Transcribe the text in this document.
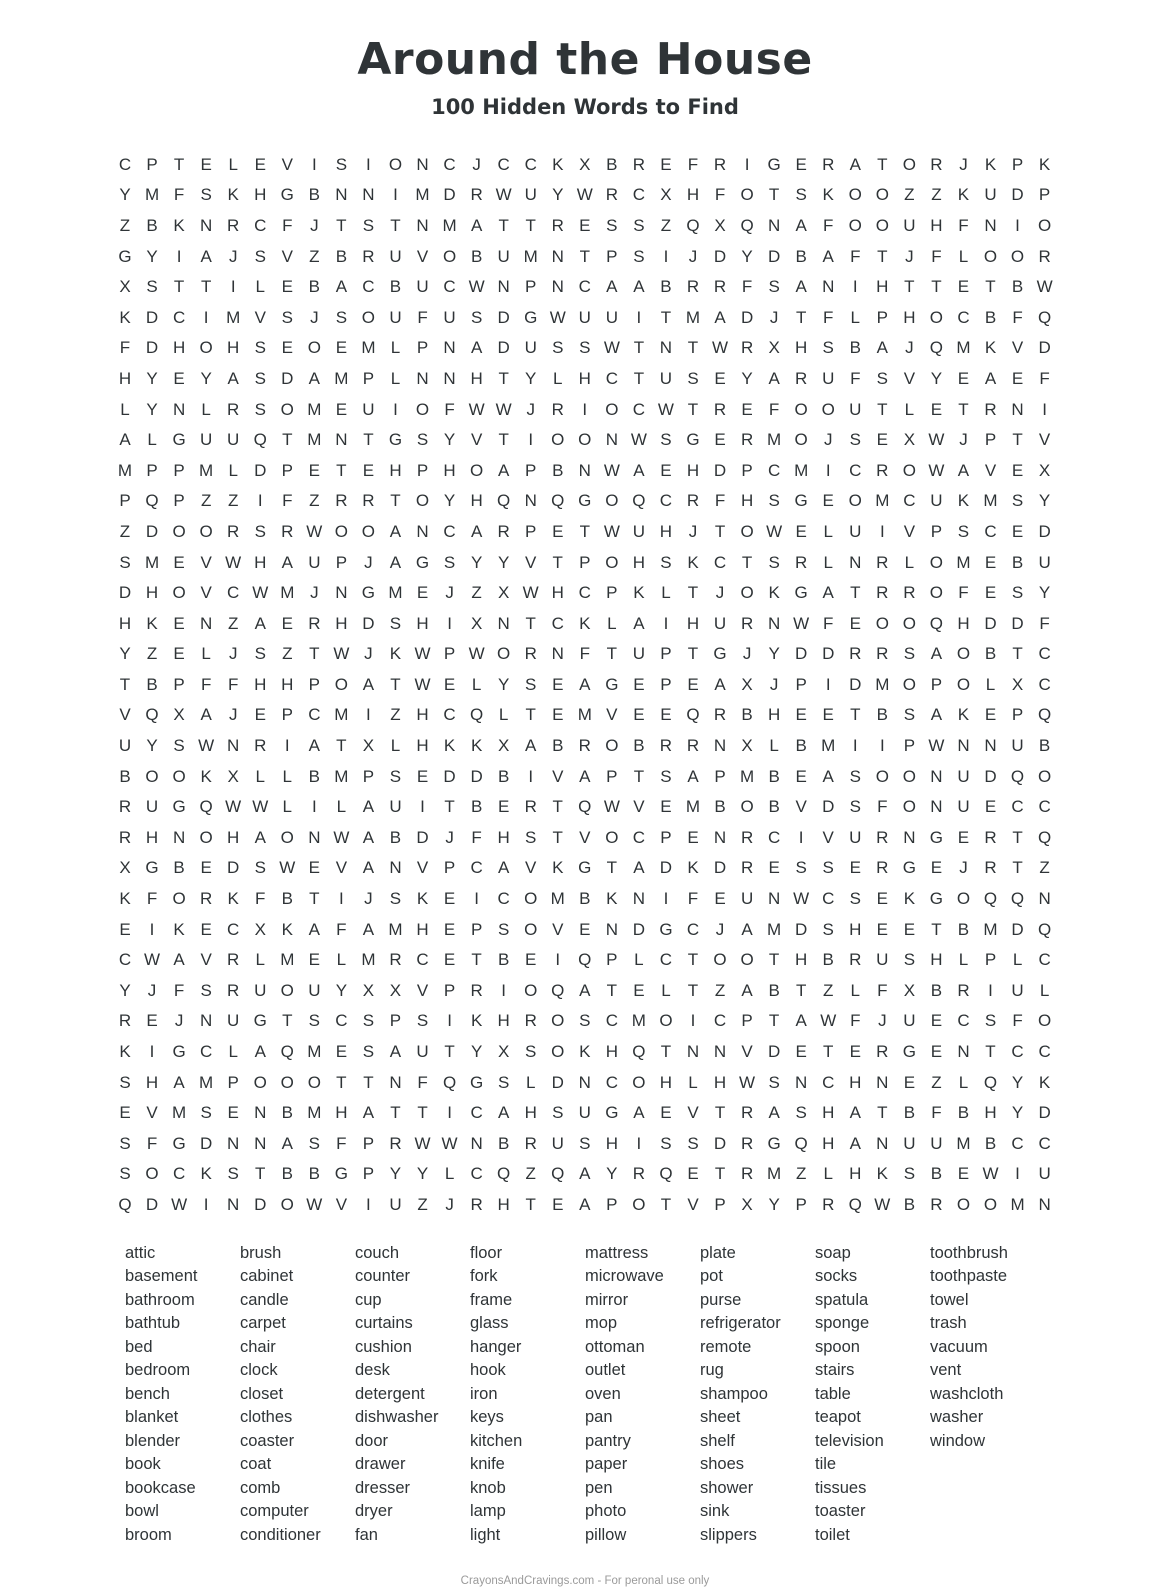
Around the House
100 Hidden Words to Find
C P T E L E V	I	S	I	O N C J C C K X B R E F R	I	G E R A T O R J	K P K
Y M F S K H G B N N	I	M D R W U Y W R C X H F O T S K O O Z Z K U D P
Z B K N R C F	J	T S T N M A T T R E S S Z Q X Q N A F O O U H F N	I	O
G Y	I	A	J	S V Z B R U V O B U M N T P S	I	J D Y D B A F T	J	F	L O O R
X S T T	I	L E B A C B U C W N P N C A A B R R F S A N	I	H T T E T B W
K D C	I	M V S	J	S O U F U S D G W U U	I	T M A D J	T F	L P H O C B F Q
F D H O H S E O E M L P N A D U S S W T N T W R X H S B A	J Q M K V D
H Y E Y A S D A M P L N N H T Y L H C T U S E Y A R U F S V Y E A E F
L Y N L R S O M E U	I	O F W W J R	I	O C W T R E F O O U T	L E T R N	I
A L G U U Q T M N T G S Y V T	I	O O N W S G E R M O J	S E X W J	P T V
M P P M L D P E T E H P H O A P B N W A E H D P C M	I	C R O W A V E X
P Q P Z Z	I	F Z R R T O Y H Q N Q G O Q C R F H S G E O M C U K M S Y
Z D O O R S R W O O A N C A R P E T W U H J	T O W E L U	I	V P S C E D
S M E V W H A U P	J	A G S Y Y V T P O H S K C T S R L N R L O M E B U
D H O V C W M J N G M E	J	Z X W H C P K L	T	J O K G A T R R O F E S Y
H K E N Z A E R H D S H	I	X N T C K L A	I	H U R N W F E O O Q H D D F
Y Z E L	J	S Z T W J	K W P W O R N F T U P T G J	Y D D R R S A O B T C
T B P F F H H P O A T W E L Y S E A G E P E A X	J	P	I	D M O P O L X C
V Q X A	J	E P C M	I	Z H C Q L	T E M V E E Q R B H E E T B S A K E P Q
U Y S W N R	I	A T X L H K K X A B R O B R R N X L B M	I	I	P W N N U B
B O O K X L	L B M P S E D D B	I	V A P T S A P M B E A S O O N U D Q O
R U G Q W W L	I	L A U	I	T B E R T Q W V E M B O B V D S F O N U E C C
R H N O H A O N W A B D J	F H S T V O C P E N R C	I	V U R N G E R T Q
X G B E D S W E V A N V P C A V K G T A D K D R E S S E R G E	J R T Z
K F O R K F B T	I	J	S K E	I	C O M B K N	I	F E U N W C S E K G O Q Q N
E	I	K E C X K A F A M H E P S O V E N D G C J	A M D S H E E T B M D Q
C W A V R L M E L M R C E T B E	I	Q P L C T O O T H B R U S H L P L C
Y	J	F S R U O U Y X X V P R	I	O Q A T E L	T Z A B T Z	L	F X B R	I	U L
R E	J N U G T S C S P S	I	K H R O S C M O	I	C P T A W F	J U E C S F O
K	I	G C L A Q M E S A U T Y X S O K H Q T N N V D E T E R G E N T C C
S H A M P O O O T T N F Q G S L D N C O H L H W S N C H N E Z	L Q Y K
E V M S E N B M H A T T	I	C A H S U G A E V T R A S H A T B F B H Y D
S F G D N N A S F P R W W N B R U S H	I	S S D R G Q H A N U U M B C C
S O C K S T B B G P Y Y L C Q Z Q A Y R Q E T R M Z	L H K S B E W I	U
Q D W I	N D O W V	I	U Z	J R H T E A P O T V P X Y P R Q W B R O O M N
attic
basement
bathroom
bathtub
bed
bedroom
bench
blanket
blender
book
bookcase
bowl
broom
brush
cabinet
candle
carpet
chair
clock
closet
clothes
coaster
coat
comb
computer
conditioner
couch
counter
cup
curtains
cushion
desk
detergent
dishwasher
door
drawer
dresser
dryer
fan
floor
fork
frame
glass
hanger
hook
iron
keys
kitchen
knife
knob
lamp
light
mattress
microwave
mirror
mop
ottoman
outlet
oven
pan
pantry
paper
pen
photo
pillow
plate
pot
purse
refrigerator
remote
rug
shampoo
sheet
shelf
shoes
shower
sink
slippers
soap
socks
spatula
sponge
spoon
stairs
table
teapot
television
tile
tissues
toaster
toilet
toothbrush
toothpaste
towel
trash
vacuum
vent
washcloth
washer
window
CrayonsAndCravings.com - For peronal use only
